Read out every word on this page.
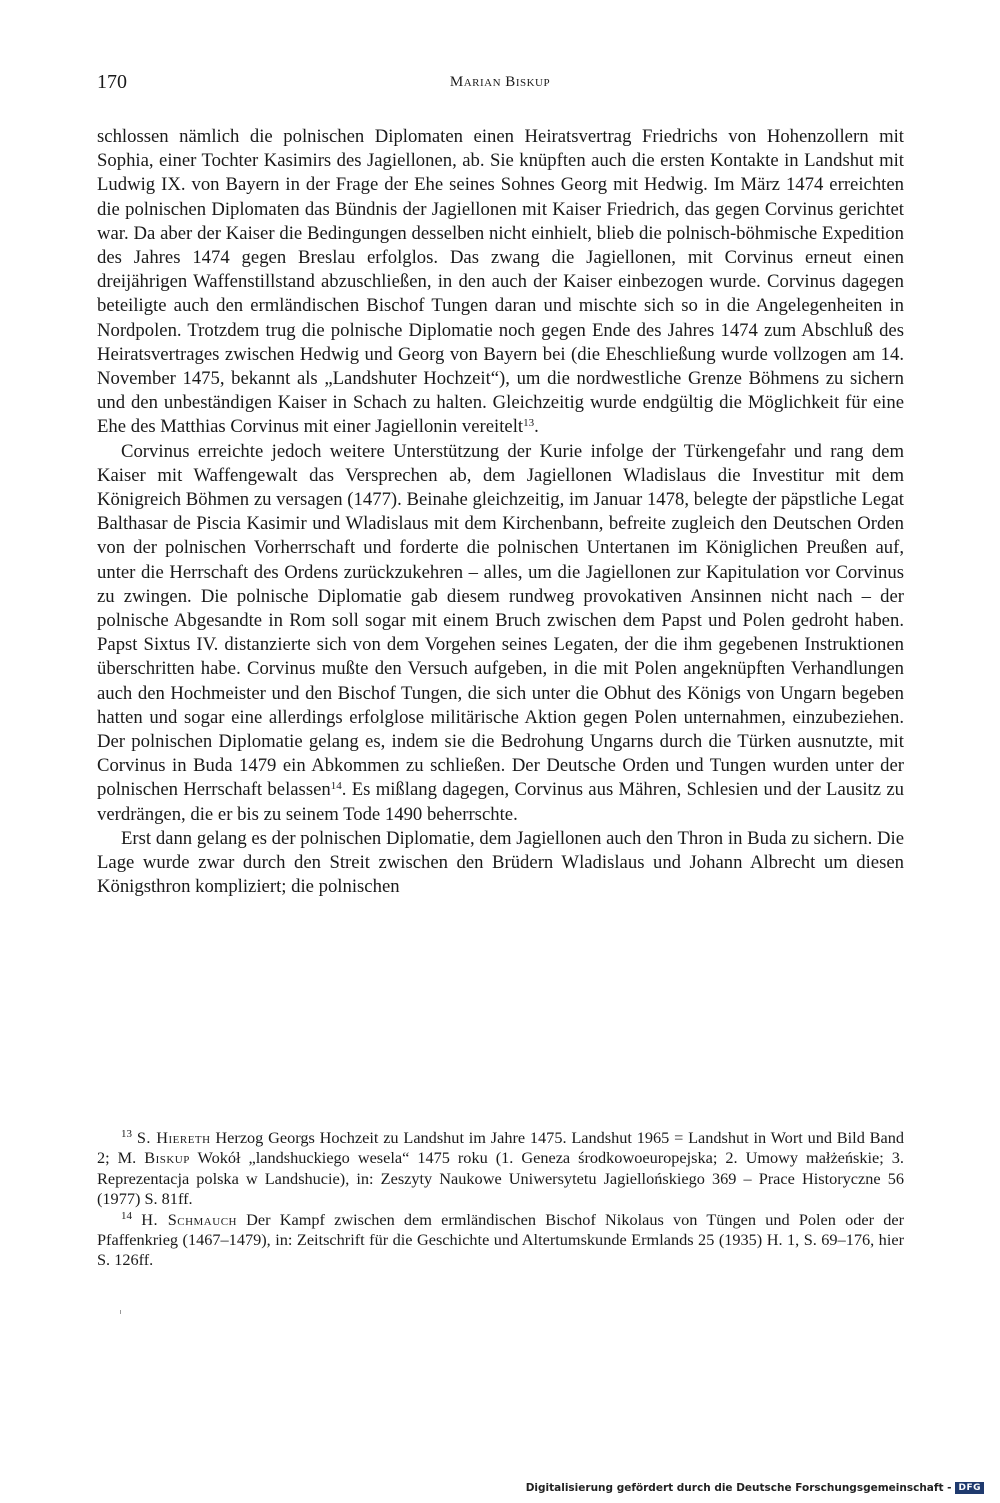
170	Marian Biskup

schlossen nämlich die polnischen Diplomaten einen Heiratsvertrag Friedrichs von Hohenzollern mit Sophia, einer Tochter Kasimirs des Jagiellonen, ab. Sie knüpften auch die ersten Kontakte in Landshut mit Ludwig IX. von Bayern in der Frage der Ehe seines Sohnes Georg mit Hedwig. Im März 1474 erreichten die polnischen Diplomaten das Bündnis der Jagiellonen mit Kaiser Friedrich, das gegen Corvinus gerichtet war. Da aber der Kaiser die Bedingungen desselben nicht einhielt, blieb die polnisch-böhmische Expedition des Jahres 1474 gegen Breslau erfolglos. Das zwang die Jagiellonen, mit Corvinus erneut einen dreijährigen Waffenstillstand abzuschließen, in den auch der Kaiser einbezogen wurde. Corvinus dagegen beteiligte auch den ermländischen Bischof Tungen daran und mischte sich so in die Angelegenheiten in Nordpolen. Trotzdem trug die polnische Diplomatie noch gegen Ende des Jahres 1474 zum Abschluß des Heiratsvertrages zwischen Hedwig und Georg von Bayern bei (die Eheschließung wurde vollzogen am 14. November 1475, bekannt als „Landshuter Hochzeit“), um die nordwestliche Grenze Böhmens zu sichern und den unbeständigen Kaiser in Schach zu halten. Gleichzeitig wurde endgültig die Möglichkeit für eine Ehe des Matthias Corvinus mit einer Jagiellonin vereitelt$^{13}$.

Corvinus erreichte jedoch weitere Unterstützung der Kurie infolge der Türkengefahr und rang dem Kaiser mit Waffengewalt das Versprechen ab, dem Jagiellonen Wladislaus die Investitur mit dem Königreich Böhmen zu versagen (1477). Beinahe gleichzeitig, im Januar 1478, belegte der päpstliche Legat Balthasar de Piscia Kasimir und Wladislaus mit dem Kirchenbann, befreite zugleich den Deutschen Orden von der polnischen Vorherrschaft und forderte die polnischen Untertanen im Königlichen Preußen auf, unter die Herrschaft des Ordens zurückzukehren – alles, um die Jagiellonen zur Kapitulation vor Corvinus zu zwingen. Die polnische Diplomatie gab diesem rundweg provokativen Ansinnen nicht nach – der polnische Abgesandte in Rom soll sogar mit einem Bruch zwischen dem Papst und Polen gedroht haben. Papst Sixtus IV. distanzierte sich von dem Vorgehen seines Legaten, der die ihm gegebenen Instruktionen überschritten habe. Corvinus mußte den Versuch aufgeben, in die mit Polen angeknüpften Verhandlungen auch den Hochmeister und den Bischof Tungen, die sich unter die Obhut des Königs von Ungarn begeben hatten und sogar eine allerdings erfolglose militärische Aktion gegen Polen unternahmen, einzubeziehen. Der polnischen Diplomatie gelang es, indem sie die Bedrohung Ungarns durch die Türken ausnutzte, mit Corvinus in Buda 1479 ein Abkommen zu schließen. Der Deutsche Orden und Tungen wurden unter der polnischen Herrschaft belassen$^{14}$. Es mißlang dagegen, Corvinus aus Mähren, Schlesien und der Lausitz zu verdrängen, die er bis zu seinem Tode 1490 beherrschte.

Erst dann gelang es der polnischen Diplomatie, dem Jagiellonen auch den Thron in Buda zu sichern. Die Lage wurde zwar durch den Streit zwischen den Brüdern Wladislaus und Johann Albrecht um diesen Königsthron kompliziert; die polnischen

$^{13}$ S. Hiereth Herzog Georgs Hochzeit zu Landshut im Jahre 1475. Landshut 1965 = Landshut in Wort und Bild Band 2; M. Biskup Wokół „landshuckiego wesela“ 1475 roku (1. Geneza środkowoeuropejska; 2. Umowy małżeńskie; 3. Reprezentacja polska w Landshucie), in: Zeszyty Naukowe Uniwersytetu Jagiellońskiego 369 – Prace Historyczne 56 (1977) S. 81ff.

$^{14}$ H. Schmauch Der Kampf zwischen dem ermländischen Bischof Nikolaus von Tüngen und Polen oder der Pfaffenkrieg (1467–1479), in: Zeitschrift für die Geschichte und Altertumskunde Ermlands 25 (1935) H. 1, S. 69–176, hier S. 126ff.

Digitalisierung gefördert durch die Deutsche Forschungsgemeinschaft - DFG
